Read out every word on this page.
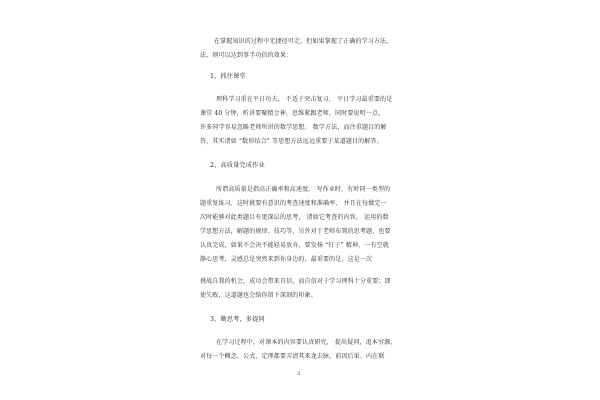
在掌握知识的过程中无捷径可走，但如果掌握了正确的学习方法，
法，则可以达到事半功倍的效果：
1、抓住课堂
理科学习重在平日功夫， 不适于突击复习， 平日学习最重要的是
课堂 40 分钟，听讲要聚精会神，思维紧跟老师，同时要说明一点，
许多同学容易忽略老师所讲的数学思想。 数学方法，而注重题目的解
答，其实诸如 “数形结合” 等思想方法远远重要于某道题目的解答。
2、高质量完成作业
所谓高质量是指高正确率和高速度。 写作业时，有时同一类型的
题重复练习，这时就要有意识的考查速度和准确率， 并且在每做完一
次时能够对此类题目有更深层的思考， 诸如它考查的内容， 运用的数
学思想方法，解题的规律、技巧等，另外对于老师布置的思考题，也要
认真完成，如果不会决不能轻易放弃，要发扬 “钉子” 精神，一有空就
静心思考，灵感总是突然来到你身边的。最重要的是，这是一次
挑战自我的机会，成功会带来自信，而自信对于学习理科十分重要；即
使失败，这道题也会给你留下深刻的印象。
3、勤思考，多提问
在学习过程中，对课本的内容要认真研究， 提出疑问，追本穷源，
对每一个概念、公式、定理都要弄清其来龙去脉、前因后果、内在联
3
